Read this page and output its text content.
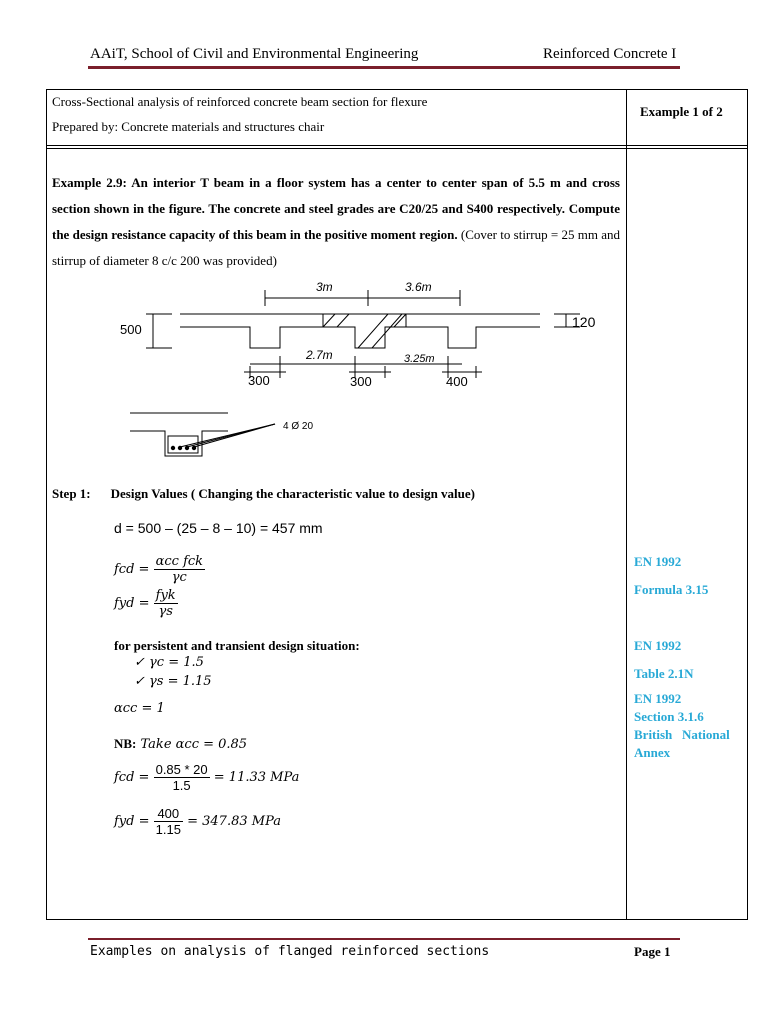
AAiT, School of Civil and Environmental Engineering	Reinforced Concrete I
Cross-Sectional analysis of reinforced concrete beam section for flexure
Prepared by: Concrete materials and structures chair
Example 1 of 2
Example 2.9: An interior T beam in a floor system has a center to center span of 5.5 m and cross section shown in the figure. The concrete and steel grades are C20/25 and S400 respectively. Compute the design resistance capacity of this beam in the positive moment region. (Cover to stirrup = 25 mm and stirrup of diameter 8 c/c 200 was provided)
3m	3.6m
500	120
2.7m	3.25m
300	300	400
4 Ø 20
Step 1: Design Values ( Changing the characteristic value to design value)
d = 500 – (25 – 8 – 10) = 457 mm
fcd = $\frac{\text{αcc fck}}{\gamma c}$
fyd = $\frac{\text{fyk}}{\gamma s}$
for persistent and transient design situation:
✓ γc = 1.5
✓ γs = 1.15
αcc = 1
NB: Take αcc = 0.85
fcd = $\frac{0.85 * 20}{1.5} = 11.33$ MPa
fyd = $\frac{400}{1.15} = 347.83$ MPa
EN 1992
Formula 3.15
EN 1992
Table 2.1N
EN 1992
Section 3.1.6
British   National
Annex
Examples on analysis of flanged reinforced sections	Page 1
